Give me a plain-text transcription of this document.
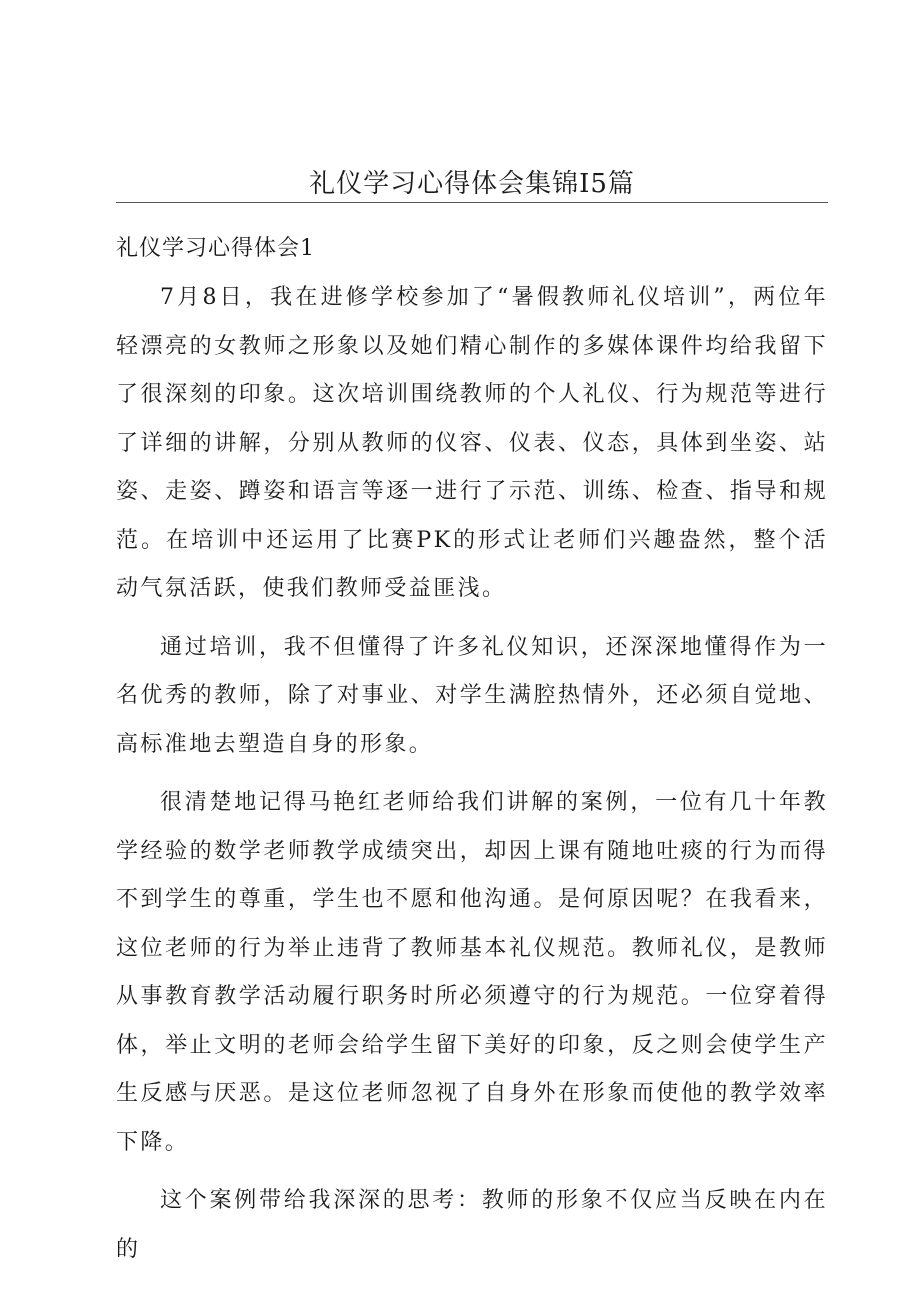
礼仪学习心得体会集锦I5篇
礼仪学习心得体会1

7月8日，我在进修学校参加了“暑假教师礼仪培训”，两位年轻漂亮的女教师之形象以及她们精心制作的多媒体课件均给我留下了很深刻的印象。这次培训围绕教师的个人礼仪、行为规范等进行了详细的讲解，分别从教师的仪容、仪表、仪态，具体到坐姿、站姿、走姿、蹲姿和语言等逐一进行了示范、训练、检查、指导和规范。在培训中还运用了比赛PK的形式让老师们兴趣盎然，整个活动气氛活跃，使我们教师受益匪浅。

通过培训，我不但懂得了许多礼仪知识，还深深地懂得作为一名优秀的教师，除了对事业、对学生满腔热情外，还必须自觉地、高标准地去塑造自身的形象。

很清楚地记得马艳红老师给我们讲解的案例，一位有几十年教学经验的数学老师教学成绩突出，却因上课有随地吐痰的行为而得不到学生的尊重，学生也不愿和他沟通。是何原因呢？在我看来，这位老师的行为举止违背了教师基本礼仪规范。教师礼仪，是教师从事教育教学活动履行职务时所必须遵守的行为规范。一位穿着得体，举止文明的老师会给学生留下美好的印象，反之则会使学生产生反感与厌恶。是这位老师忽视了自身外在形象而使他的教学效率下降。

这个案例带给我深深的思考：教师的形象不仅应当反映在内在的
